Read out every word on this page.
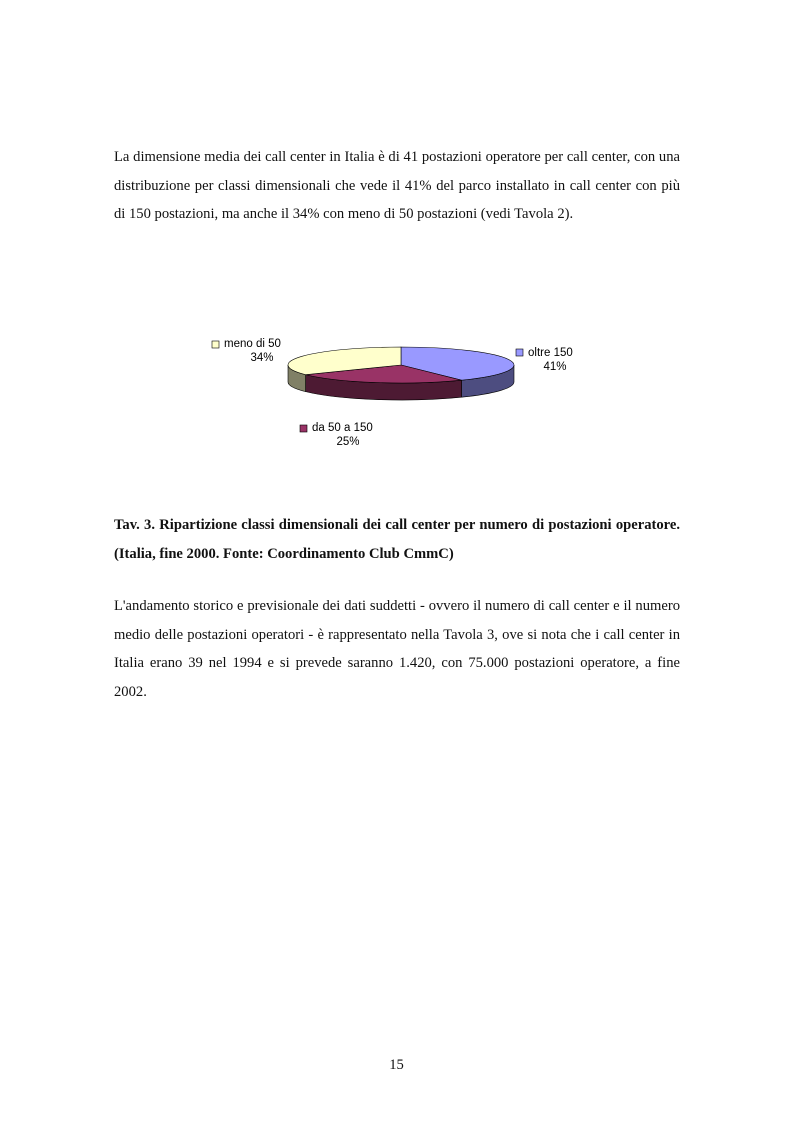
La dimensione media dei call center in Italia è di 41 postazioni operatore per call center, con una distribuzione per classi dimensionali che vede il 41% del parco installato in call center con più di 150 postazioni, ma anche il 34% con meno di 50 postazioni (vedi Tavola 2).

oltre 150
41%
da 50 a 150
25%
meno di 50
34%

Tav. 3. Ripartizione classi dimensionali dei call center per numero di postazioni operatore. (Italia, fine 2000. Fonte: Coordinamento Club CmmC)

L'andamento storico e previsionale dei dati suddetti - ovvero il numero di call center e il numero medio delle postazioni operatori - è rappresentato nella Tavola 3, ove si nota che i call center in Italia erano 39 nel 1994 e si prevede saranno 1.420, con 75.000 postazioni operatore, a fine 2002.

15
